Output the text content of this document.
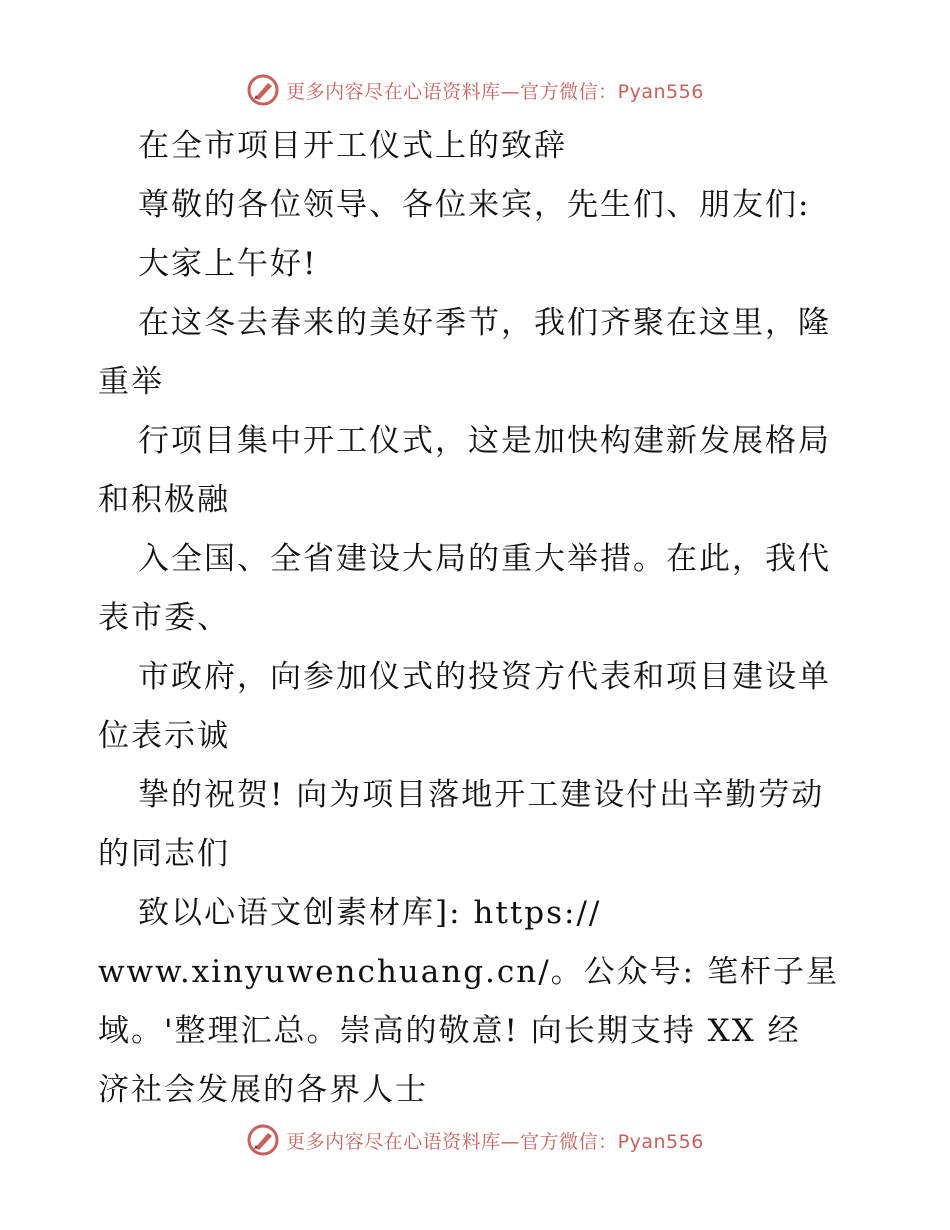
更多内容尽在心语资料库—官方微信：Pyan556
在全市项目开工仪式上的致辞
尊敬的各位领导、各位来宾，先生们、朋友们:
大家上午好!
在这冬去春来的美好季节，我们齐聚在这里，隆
重举
行项目集中开工仪式，这是加快构建新发展格局
和积极融
入全国、全省建设大局的重大举措。在此，我代
表市委、
市政府，向参加仪式的投资方代表和项目建设单
位表示诚
挚的祝贺! 向为项目落地开工建设付出辛勤劳动
的同志们
致以心语文创素材库]: https://
www.xinyuwenchuang.cn/。公众号: 笔杆子星
域。'整理汇总。崇高的敬意! 向长期支持 XX 经
济社会发展的各界人士
更多内容尽在心语资料库—官方微信：Pyan556
